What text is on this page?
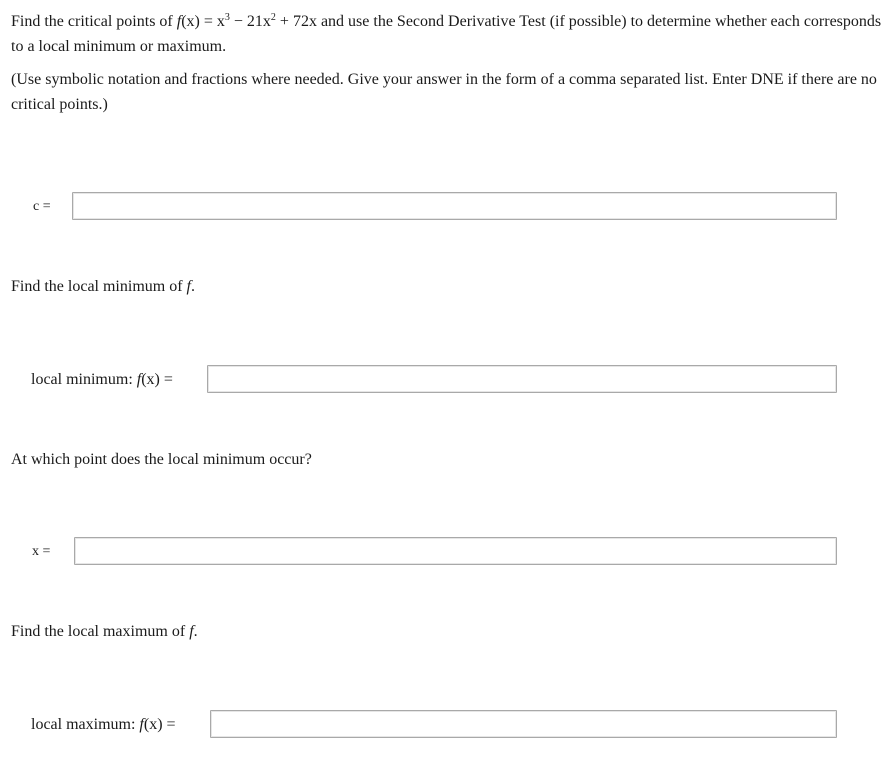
Find the critical points of $f(x) = x^3 - 21x^2 + 72x$ and use the Second Derivative Test (if possible) to determine whether each corresponds to a local minimum or maximum.

(Use symbolic notation and fractions where needed. Give your answer in the form of a comma separated list. Enter DNE if there are no critical points.)

c =
Find the local minimum of f.
local minimum: f(x) =
At which point does the local minimum occur?
x =
Find the local maximum of f.
local maximum: f(x) =
